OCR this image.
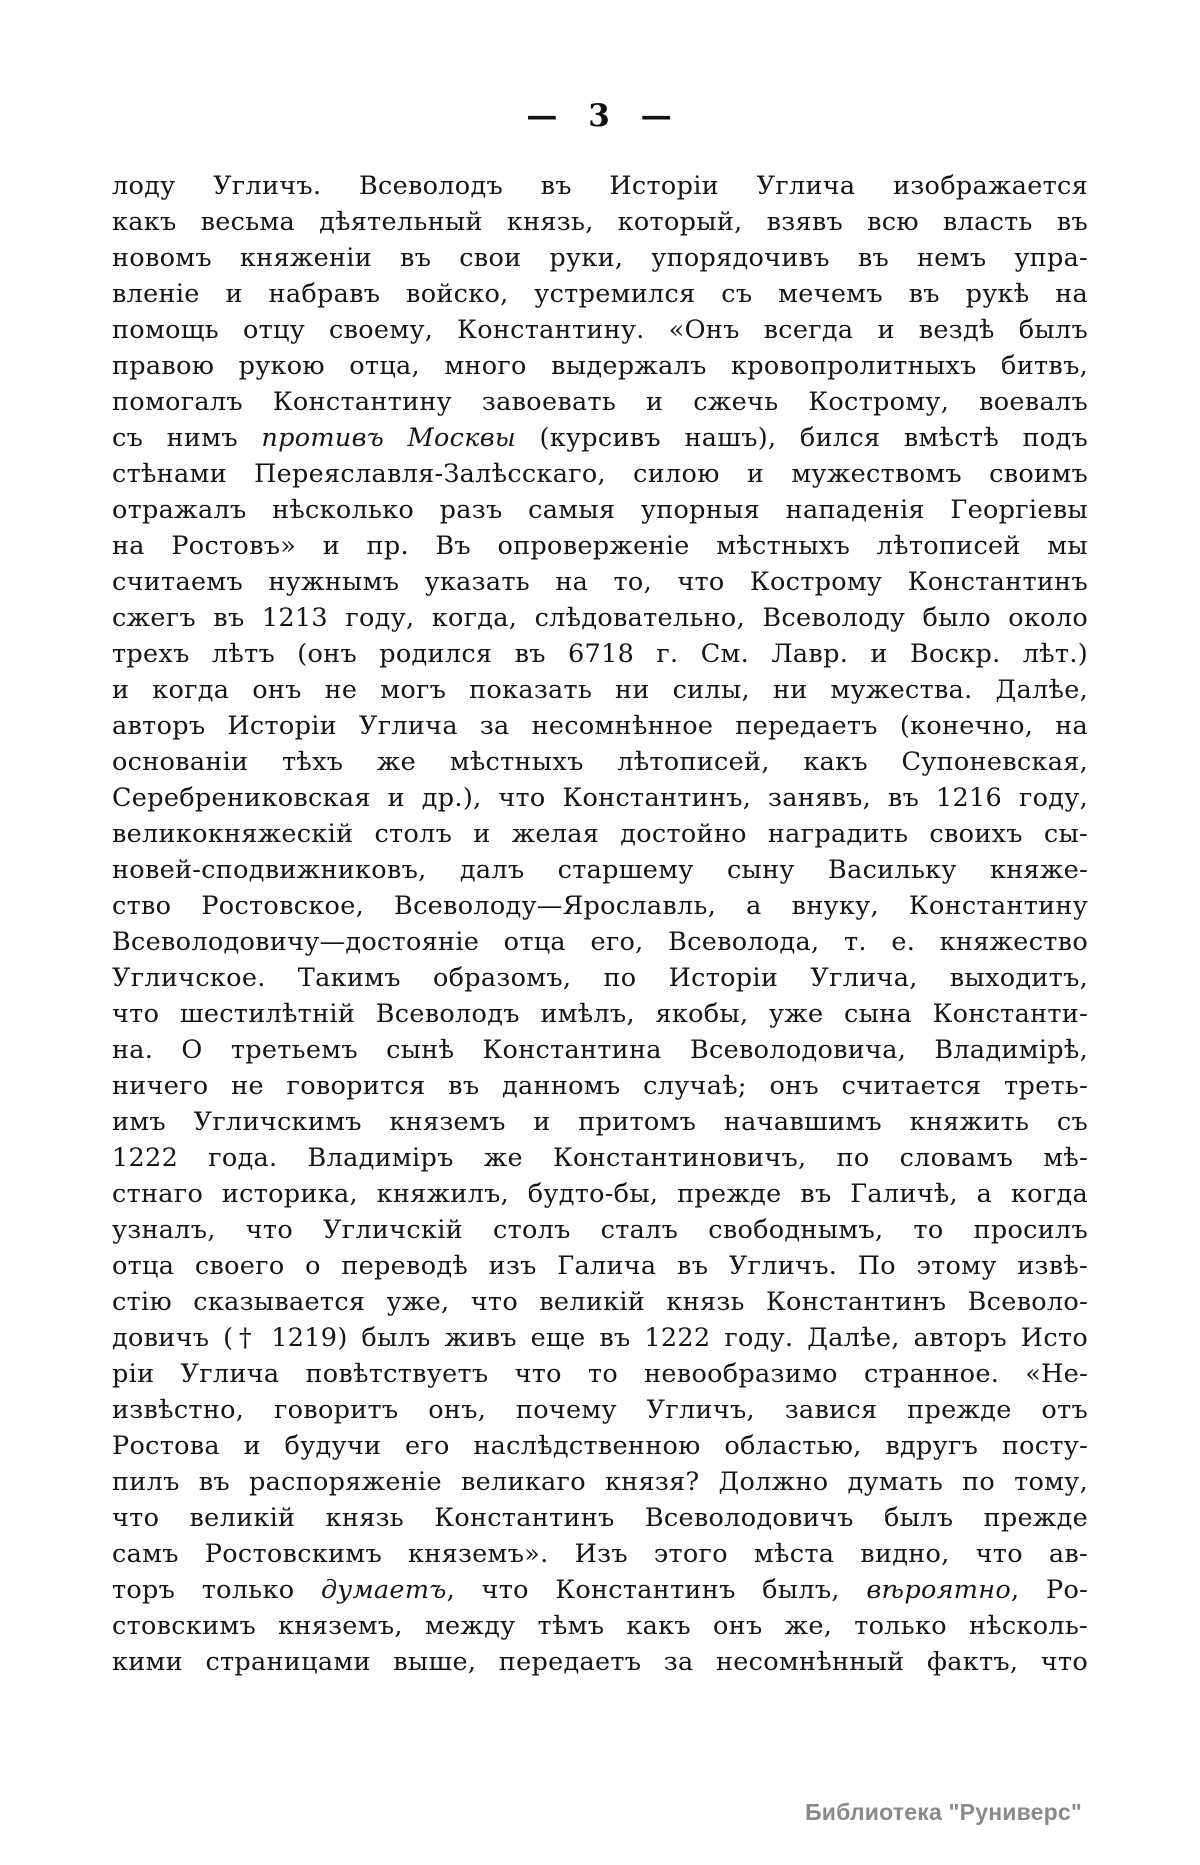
— 3 —
лоду Угличъ. Всеволодъ въ Исторіи Углича изображается
какъ весьма дѣятельный князь, который, взявъ всю власть въ
новомъ княженіи въ свои руки, упорядочивъ въ немъ упра-
вленіе и набравъ войско, устремился съ мечемъ въ рукѣ на
помощь отцу своему, Константину. «Онъ всегда и вездѣ былъ
правою рукою отца, много выдержалъ кровопролитныхъ битвъ,
помогалъ Константину завоевать и сжечь Кострому, воевалъ
съ нимъ противъ Москвы (курсивъ нашъ), бился вмѣстѣ подъ
стѣнами Переяславля-Залѣсскаго, силою и мужествомъ своимъ
отражалъ нѣсколько разъ самыя упорныя нападенія Георгіевы
на Ростовъ» и пр. Въ опроверженіе мѣстныхъ лѣтописей мы
считаемъ нужнымъ указать на то, что Кострому Константинъ
сжегъ въ 1213 году, когда, слѣдовательно, Всеволоду было около
трехъ лѣтъ (онъ родился въ 6718 г. См. Лавр. и Воскр. лѣт.)
и когда онъ не могъ показать ни силы, ни мужества. Далѣе,
авторъ Исторіи Углича за несомнѣнное передаетъ (конечно, на
основаніи тѣхъ же мѣстныхъ лѣтописей, какъ Супоневская,
Серебрениковская и др.), что Константинъ, занявъ, въ 1216 году,
великокняжескій столъ и желая достойно наградить своихъ сы-
новей-сподвижниковъ, далъ старшему сыну Васильку княже-
ство Ростовское, Всеволоду—Ярославль, а внуку, Константину
Всеволодовичу—достояніе отца его, Всеволода, т. е. княжество
Угличское. Такимъ образомъ, по Исторіи Углича, выходитъ,
что шестилѣтній Всеволодъ имѣлъ, якобы, уже сына Константи-
на. О третьемъ сынѣ Константина Всеволодовича, Владимірѣ,
ничего не говорится въ данномъ случаѣ; онъ считается треть-
имъ Угличскимъ княземъ и притомъ начавшимъ княжить съ
1222 года. Владиміръ же Константиновичъ, по словамъ мѣ-
стнаго историка, княжилъ, будто-бы, прежде въ Галичѣ, а когда
узналъ, что Угличскій столъ сталъ свободнымъ, то просилъ
отца своего о переводѣ изъ Галича въ Угличъ. По этому извѣ-
стію сказывается уже, что великій князь Константинъ Всеволо-
довичъ († 1219) былъ живъ еще въ 1222 году. Далѣе, авторъ Исто
ріи Углича повѣтствуетъ что то невообразимо странное. «Не-
извѣстно, говоритъ онъ, почему Угличъ, завися прежде отъ
Ростова и будучи его наслѣдственною областью, вдругъ посту-
пилъ въ распоряженіе великаго князя? Должно думать по тому,
что великій князь Константинъ Всеволодовичъ былъ прежде
самъ Ростовскимъ княземъ». Изъ этого мѣста видно, что ав-
торъ только думаетъ, что Константинъ былъ, вѣроятно, Ро-
стовскимъ княземъ, между тѣмъ какъ онъ же, только нѣсколь-
кими страницами выше, передаетъ за несомнѣнный фактъ, что
Библиотека "Руниверс"
